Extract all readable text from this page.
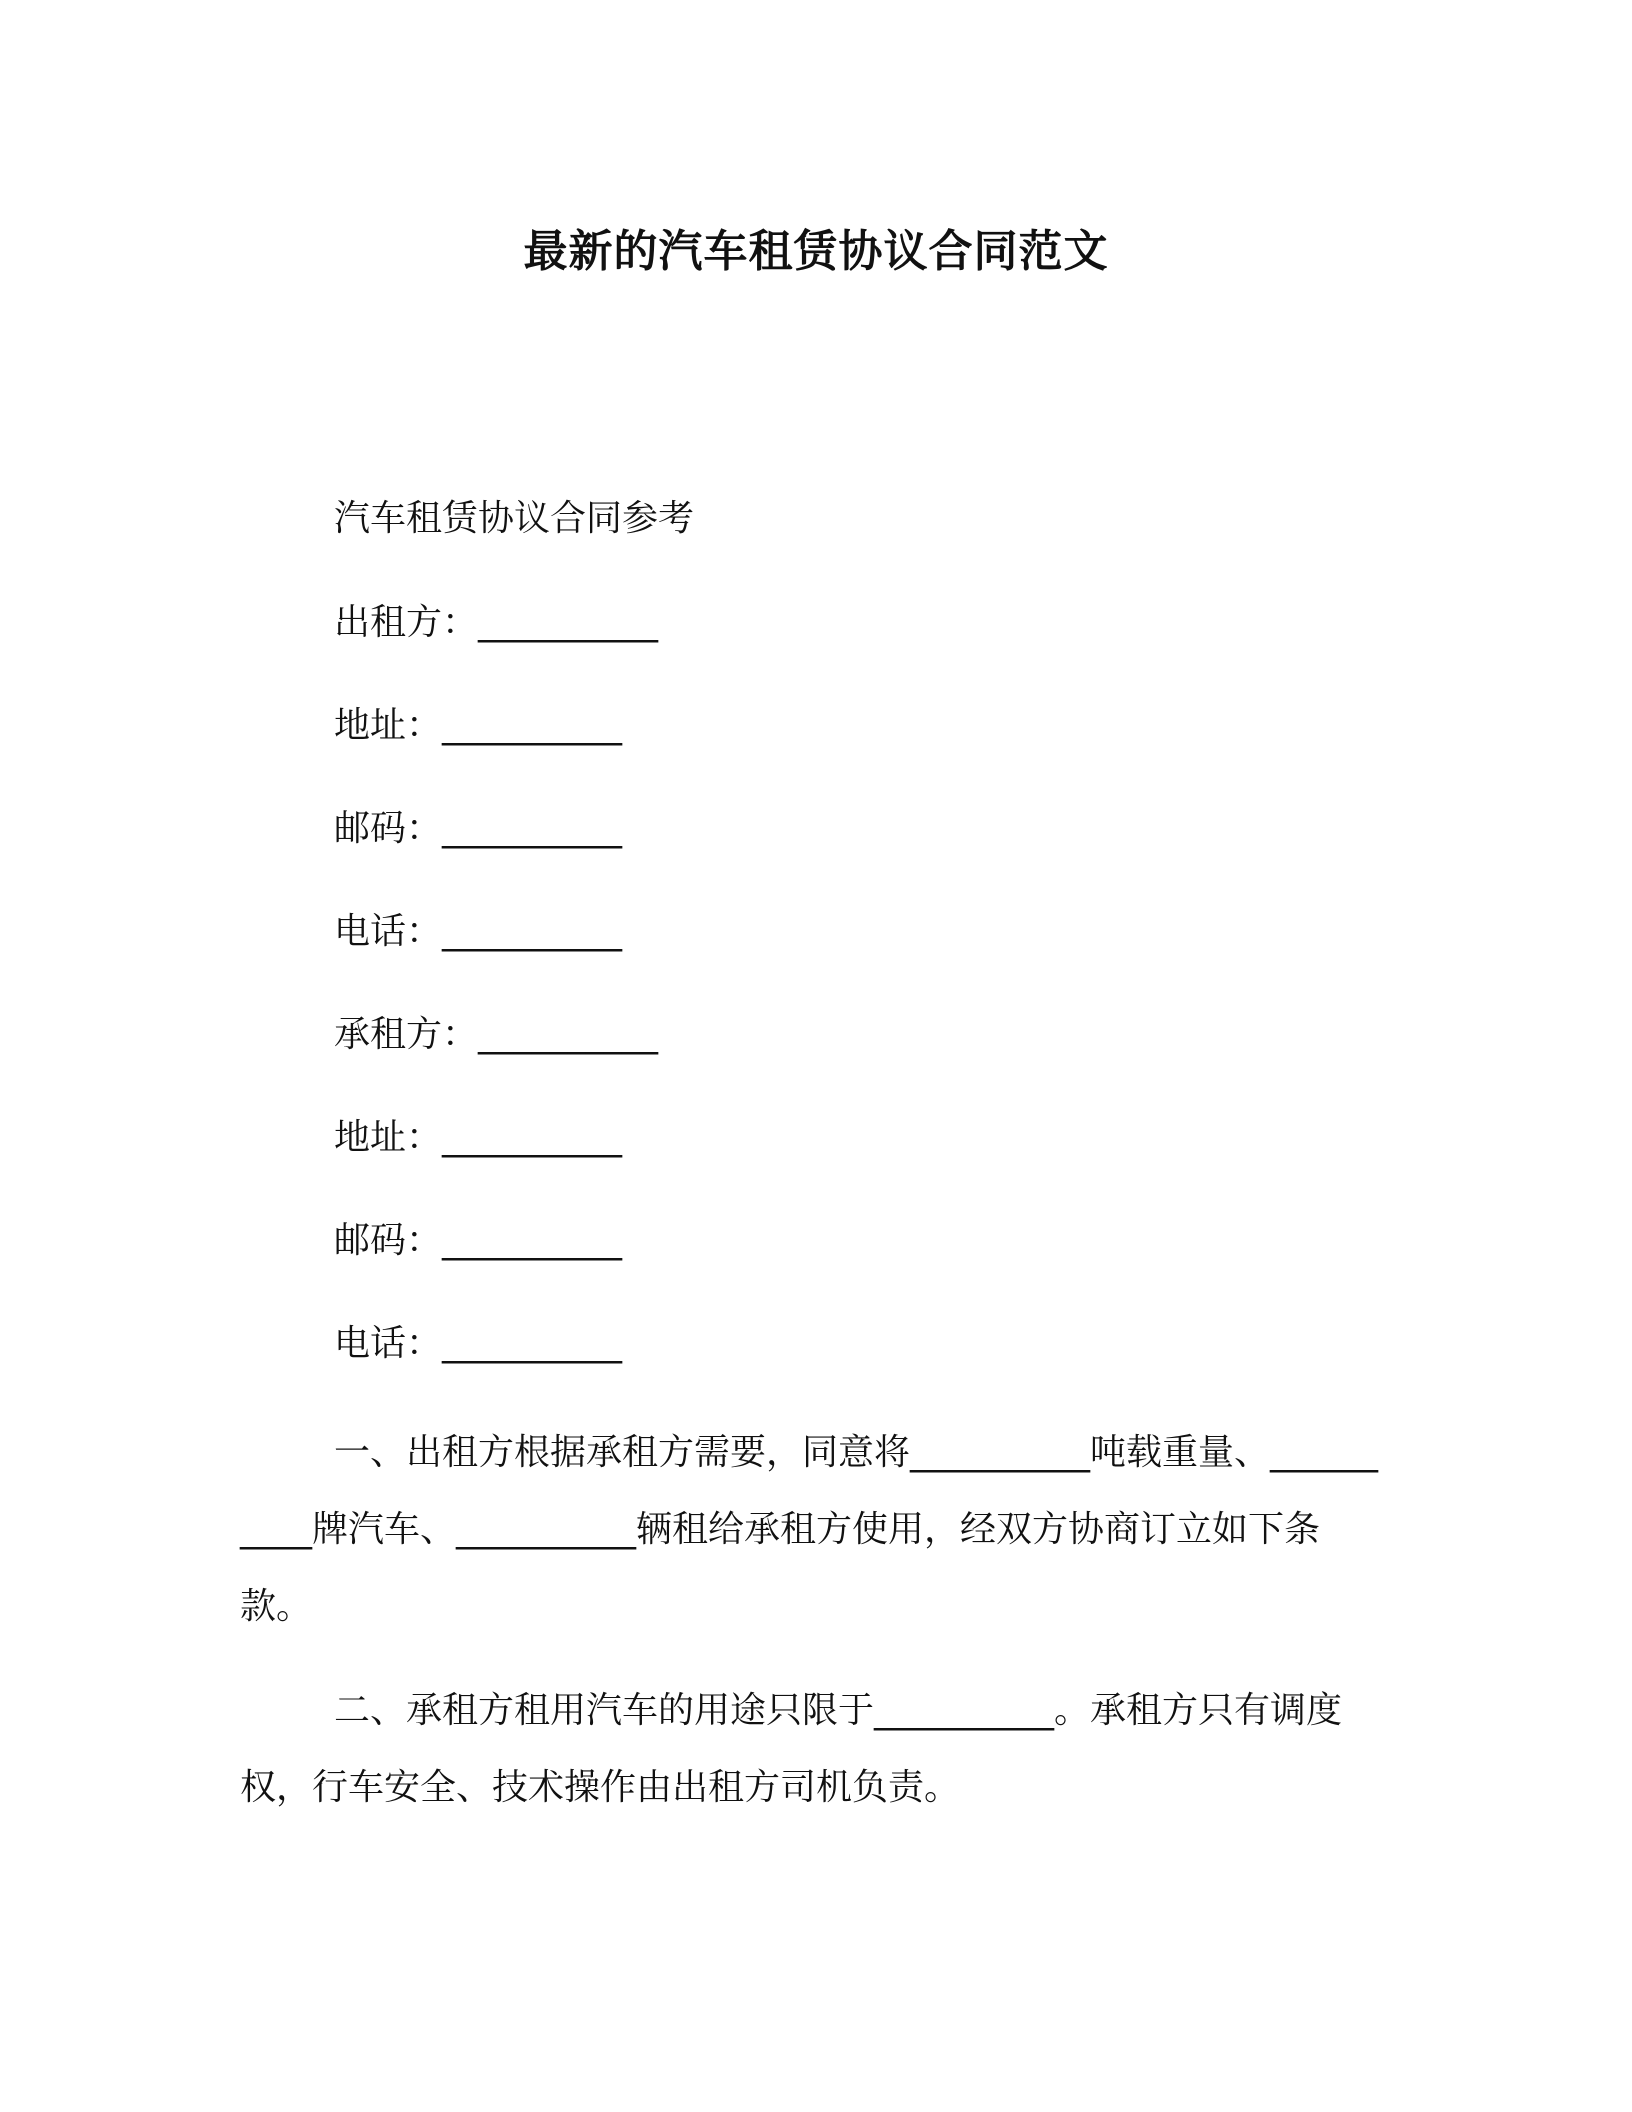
最新的汽车租赁协议合同范文
汽车租赁协议合同参考
出租方：__________
地址：__________
邮码：__________
电话：__________
承租方：__________
地址：__________
邮码：__________
电话：__________
一、出租方根据承租方需要，同意将__________吨载重量、__________牌汽车、__________辆租给承租方使用，经双方协商订立如下条款。
二、承租方租用汽车的用途只限于__________。承租方只有调度权，行车安全、技术操作由出租方司机负责。
